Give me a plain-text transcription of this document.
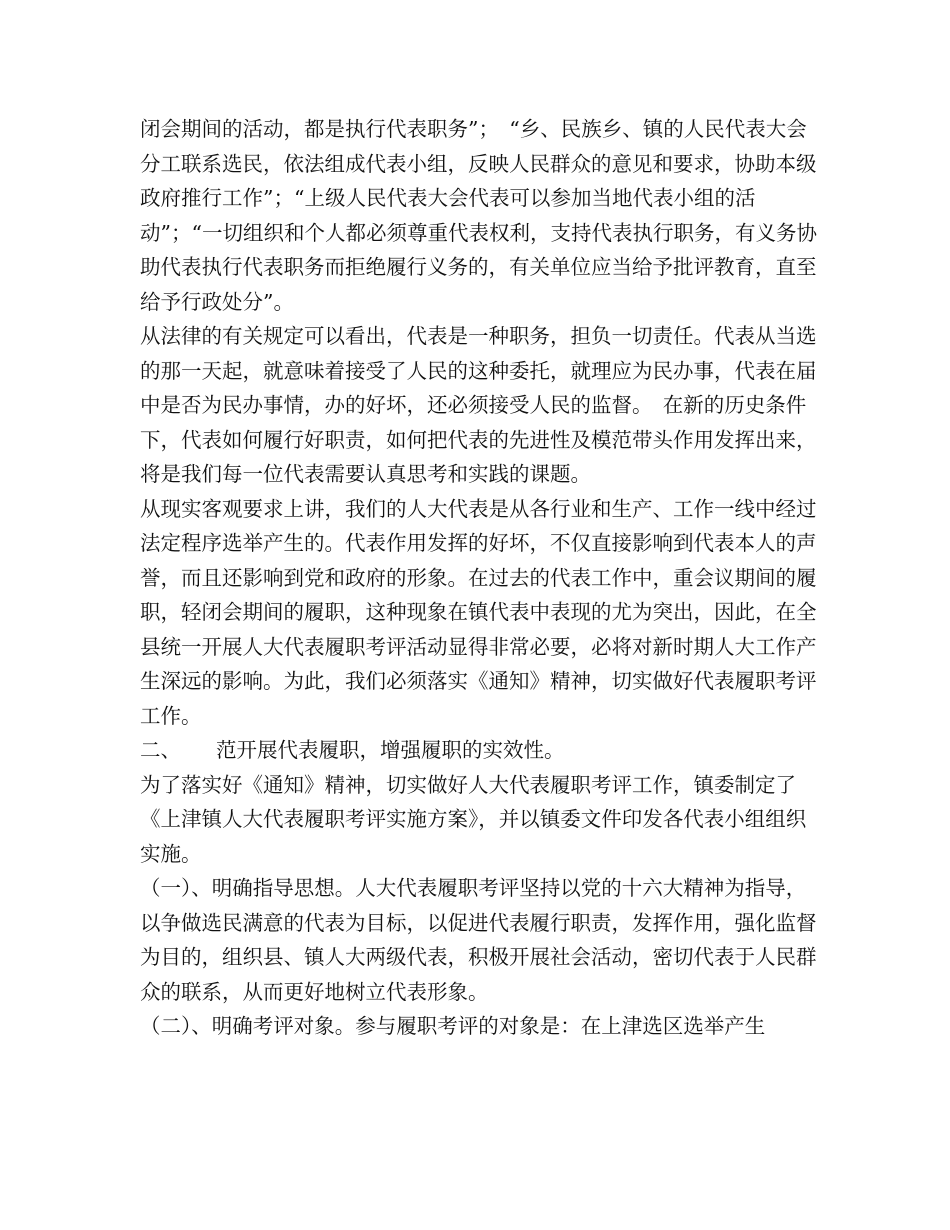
闭会期间的活动，都是执行代表职务”；　“乡、民族乡、镇的人民代表大会分工联系选民，依法组成代表小组，反映人民群众的意见和要求，协助本级政府推行工作”；“上级人民代表大会代表可以参加当地代表小组的活动”；“一切组织和个人都必须尊重代表权利，支持代表执行职务，有义务协助代表执行代表职务而拒绝履行义务的，有关单位应当给予批评教育，直至给予行政处分”。

从法律的有关规定可以看出，代表是一种职务，担负一切责任。代表从当选的那一天起，就意味着接受了人民的这种委托，就理应为民办事，代表在届中是否为民办事情，办的好坏，还必须接受人民的监督。　在新的历史条件下，代表如何履行好职责，如何把代表的先进性及模范带头作用发挥出来，将是我们每一位代表需要认真思考和实践的课题。

从现实客观要求上讲，我们的人大代表是从各行业和生产、工作一线中经过法定程序选举产生的。代表作用发挥的好坏，不仅直接影响到代表本人的声誉，而且还影响到党和政府的形象。在过去的代表工作中，重会议期间的履职，轻闭会期间的履职，这种现象在镇代表中表现的尤为突出，因此，在全县统一开展人大代表履职考评活动显得非常必要，必将对新时期人大工作产生深远的影响。为此，我们必须落实《通知》精神，切实做好代表履职考评工作。

二、 范开展代表履职，增强履职的实效性。

为了落实好《通知》精神，切实做好人大代表履职考评工作，镇委制定了《上津镇人大代表履职考评实施方案》，并以镇委文件印发各代表小组组织实施。

（一）、明确指导思想。人大代表履职考评坚持以党的十六大精神为指导，以争做选民满意的代表为目标，以促进代表履行职责，发挥作用，强化监督为目的，组织县、镇人大两级代表，积极开展社会活动，密切代表于人民群众的联系，从而更好地树立代表形象。

（二）、明确考评对象。参与履职考评的对象是：在上津选区选举产生
